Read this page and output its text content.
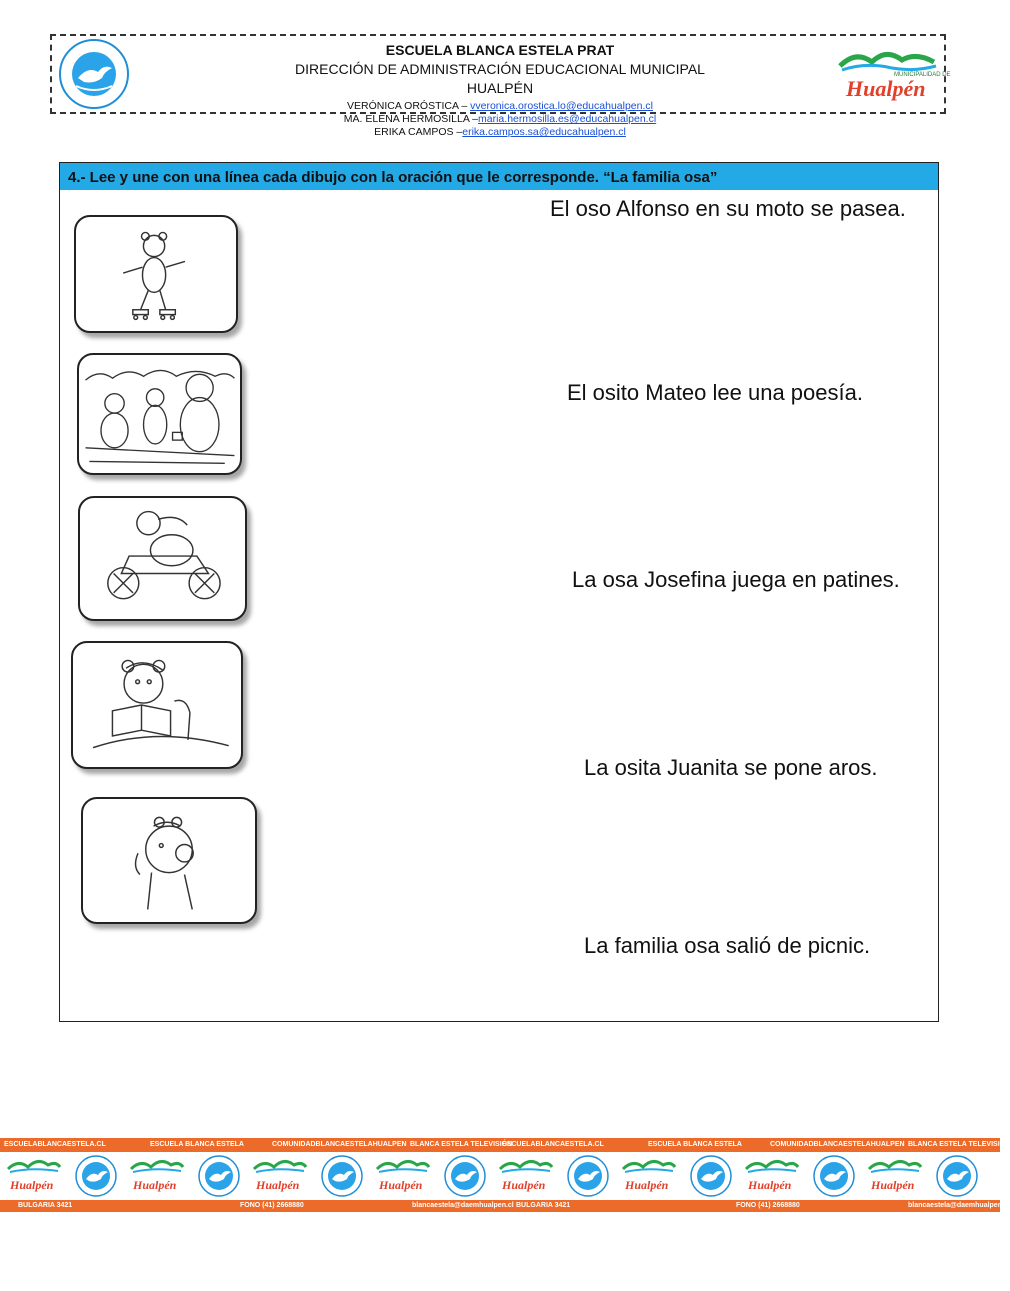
MUNICIPALIDAD DE
Hualpén
ESCUELA BLANCA ESTELA PRAT
DIRECCIÓN DE ADMINISTRACIÓN EDUCACIONAL MUNICIPAL
HUALPÉN
VERÓNICA ORÓSTICA – vveronica.orostica.lo@educahualpen.cl
MA. ELENA HERMOSILLA –maria.hermosilla.es@educahualpen.cl
ERIKA CAMPOS –erika.campos.sa@educahualpen.cl
4.- Lee y une con una línea cada dibujo con la oración que le corresponde. “La familia osa”
El oso Alfonso en su moto se pasea.
El osito Mateo lee una poesía.
La osa Josefina juega en patines.
La osita Juanita se pone aros.
La familia osa salió de picnic.
ESCUELABLANCAESTELA.CL	ESCUELA BLANCA ESTELA	COMUNIDADBLANCAESTELAHUALPEN BLANCA ESTELA TELEVISIÓN
ESCUELABLANCAESTELA.CL	ESCUELA BLANCA ESTELA	COMUNIDADBLANCAESTELAHUALPEN BLANCA ESTELA TELEVISIÓN
BULGARIA 3421	FONO (41) 2668880	blancaestela@daemhualpen.cl BULGARIA 3421	FONO (41) 2668880	blancaestela@daemhualpen.cl
Hualpén	Hualpén	Hualpén	Hualpén	Hualpén	Hualpén	Hualpén	Hualpén
